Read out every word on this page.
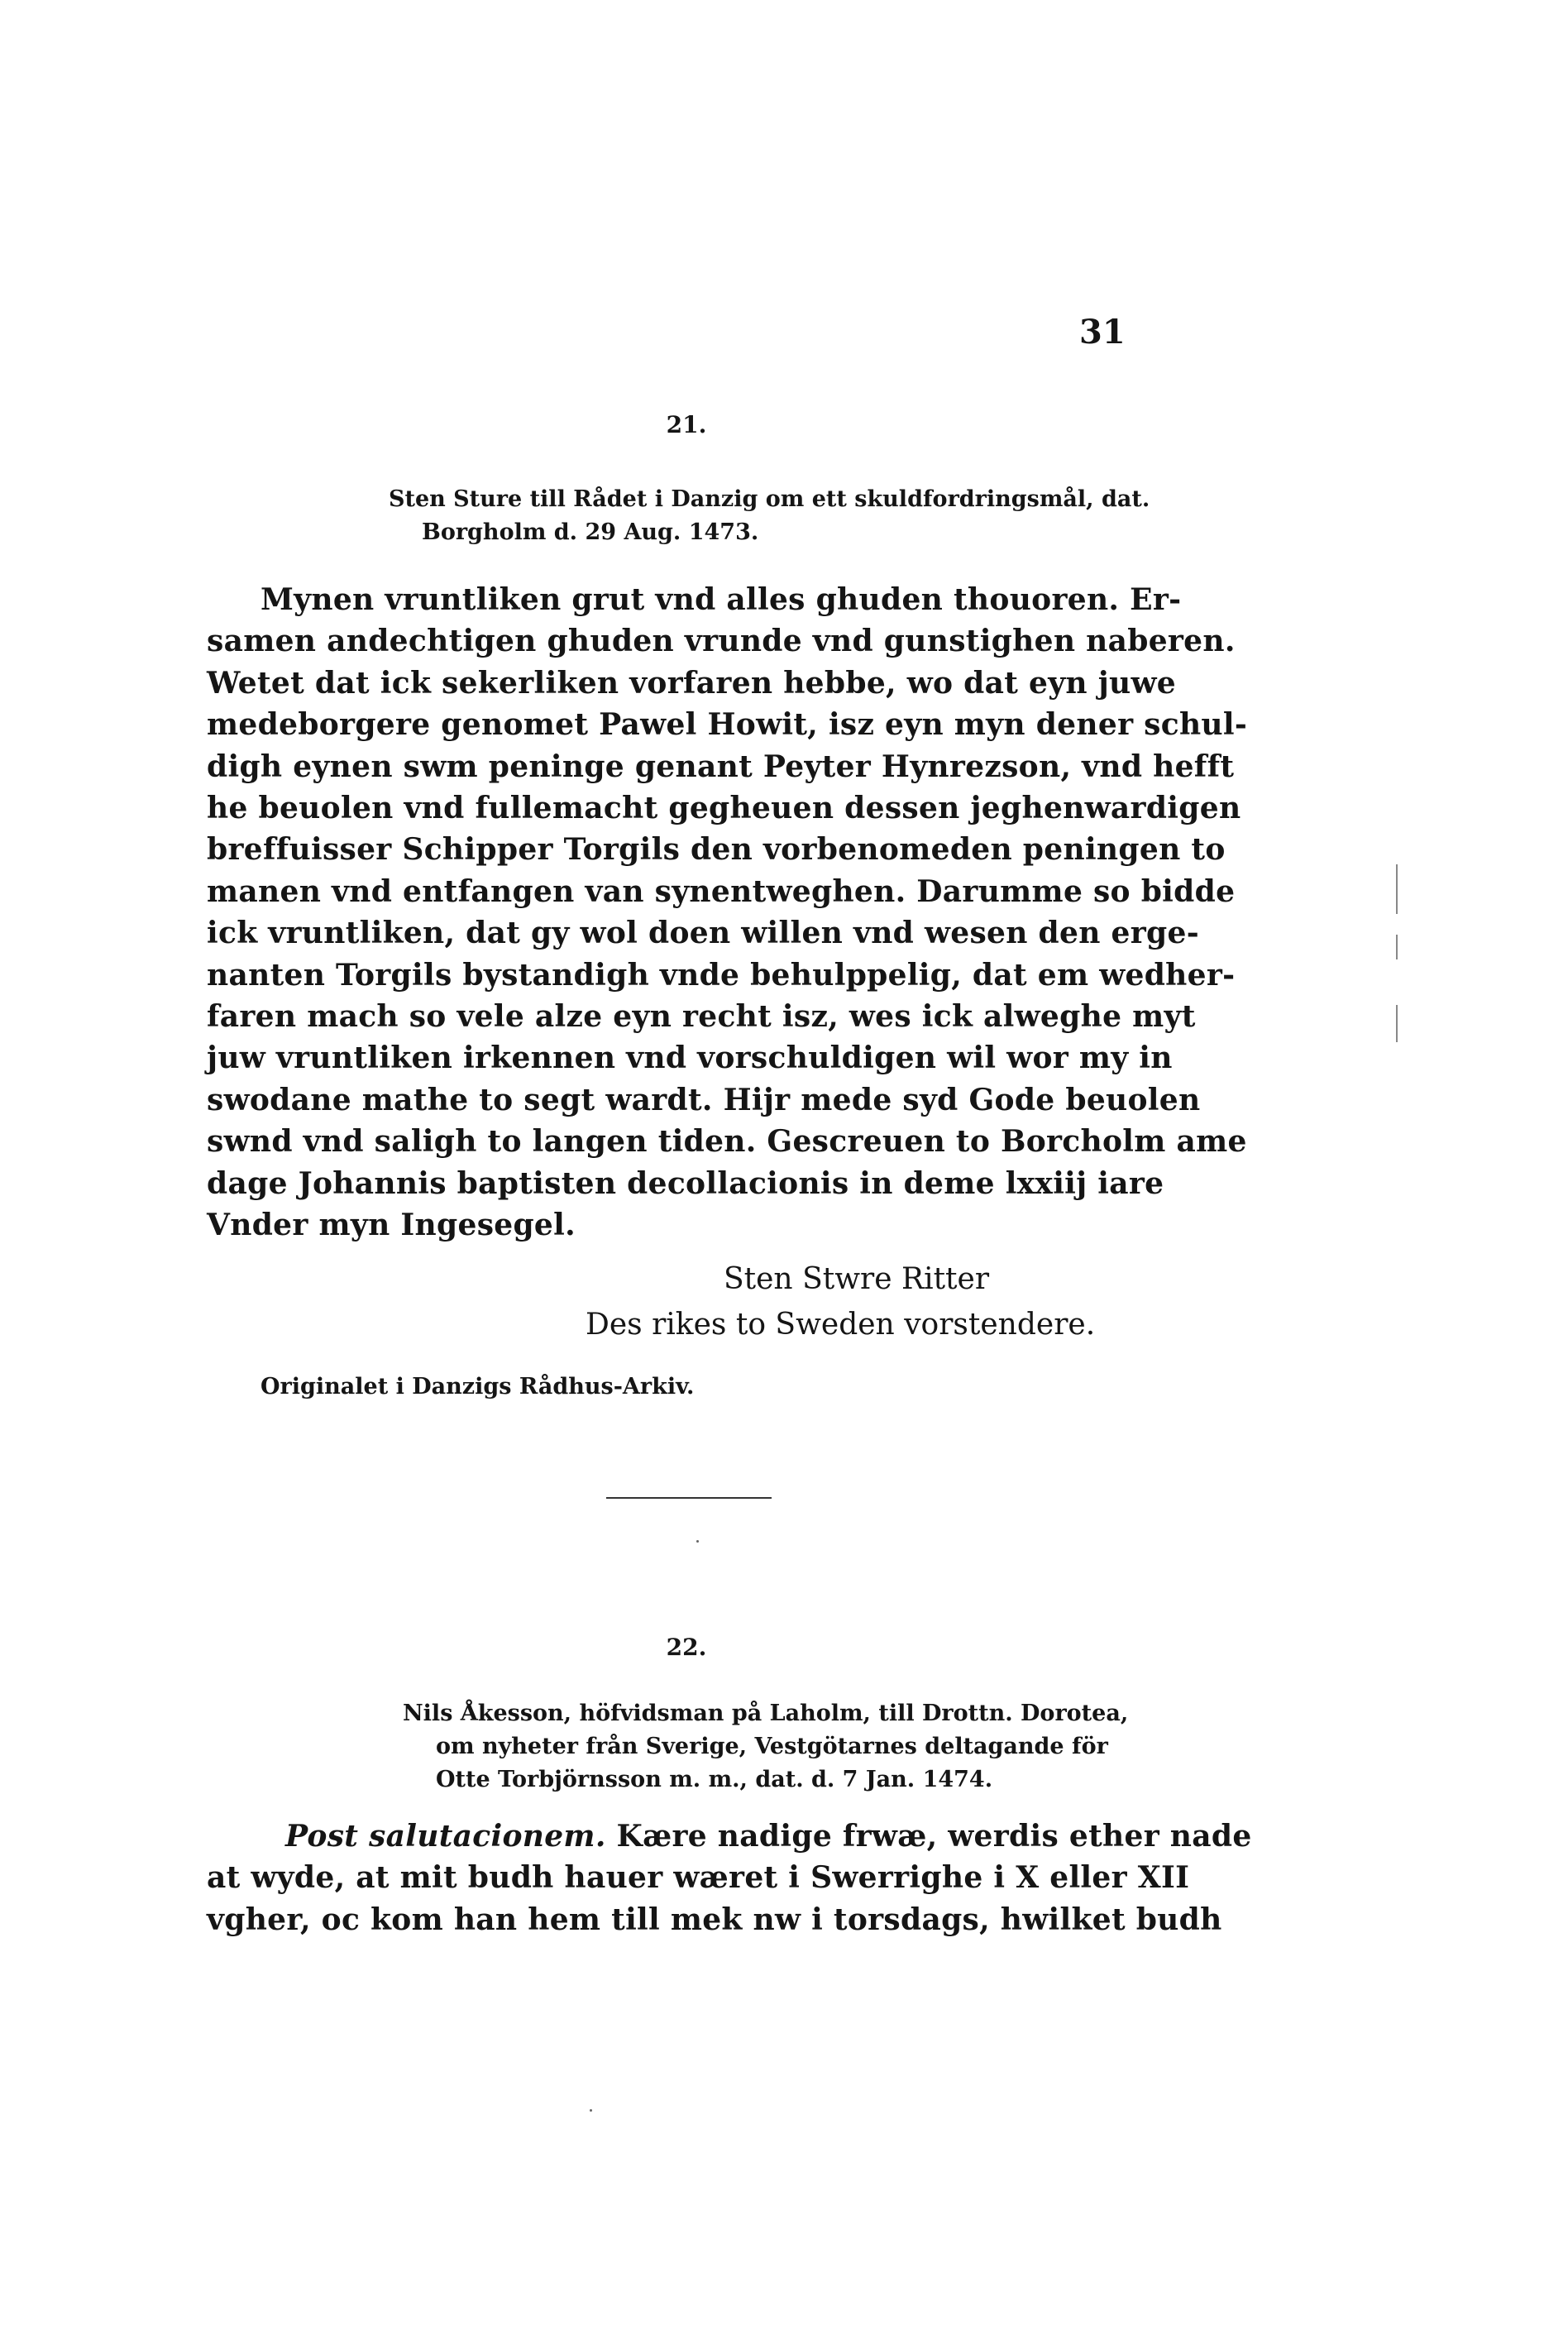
31
21.
Sten Sture till Rådet i Danzig om ett skuldfordringsmål, dat.
Borgholm d. 29 Aug. 1473.
Mynen vruntliken grut vnd alles ghuden thouoren. Er-
samen andechtigen ghuden vrunde vnd gunstighen naberen.
Wetet dat ick sekerliken vorfaren hebbe, wo dat eyn juwe
medeborgere genomet Pawel Howit, isz eyn myn dener schul-
digh eynen swm peninge genant Peyter Hynrezson, vnd hefft
he beuolen vnd fullemacht gegheuen dessen jeghenwardigen
breffuisser Schipper Torgils den vorbenomeden peningen to
manen vnd entfangen van synentweghen. Darumme so bidde
ick vruntliken, dat gy wol doen willen vnd wesen den erge-
nanten Torgils bystandigh vnde behulppelig, dat em wedher-
faren mach so vele alze eyn recht isz, wes ick alweghe myt
juw vruntliken irkennen vnd vorschuldigen wil wor my in
swodane mathe to segt wardt. Hijr mede syd Gode beuolen
swnd vnd saligh to langen tiden. Gescreuen to Borcholm ame
dage Johannis baptisten decollacionis in deme lxxiij iare
Vnder myn Ingesegel.
Sten Stwre Ritter
Des rikes to Sweden vorstendere.
Originalet i Danzigs Rådhus-Arkiv.
22.
Nils Åkesson, höfvidsman på Laholm, till Drottn. Dorotea,
om nyheter från Sverige, Vestgötarnes deltagande för
Otte Torbjörnsson m. m., dat. d. 7 Jan. 1474.
Post salutacionem. Kære nadige frwæ, werdis ether nade
at wyde, at mit budh hauer wæret i Swerrighe i X eller XII
vgher, oc kom han hem till mek nw i torsdags, hwilket budh
